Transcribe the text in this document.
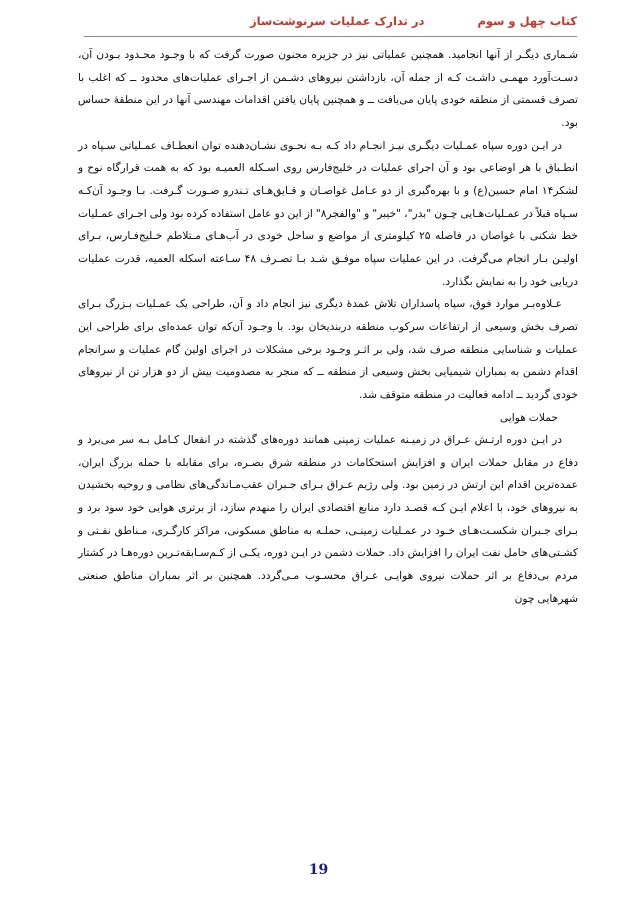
کتاب چهل و سوم
در تدارک عملیات سرنوشت‌ساز

شـماری دیگـر از آنها انجامید. همچنین عملیاتی نیز در جزیره مجنون صورت گرفت که با وجـود محـدود بـودن آن، دسـت‌آورد مهمـی داشـت کـه از جمله آن، بازداشتن نیروهای دشـمن از اجـرای عملیات‌های محدود ــ که اغلب با تصرف قسمتی از منطقه خودی پایان می‌یافت ــ و همچنین پایان یافتن اقدامات مهندسی آنها در این منطقهٔ حساس بود.

در ایـن دوره سپاه عمـلیات دیگـری نیـز انجـام داد کـه بـه نحـوی نشـان‌دهنده توان انعطـاف عمـلیاتی سـپاه در انطـباق با هر اوضاعی بود و آن اجرای عملیات در خلیج‌فارس روی اسـکله العمیـه بود که به همت قرارگاه نوح و لشکر۱۴ امام حسین(ع) و با بهره‌گیری از دو عـامل غواصـان و قـایق‌هـای تـندرو صـورت گـرفت. بـا وجـود آن‌کـه سـپاه قبلاً در عمـلیات‌هـایی چـون "بدر"، "خیبر" و "والفجر۸" از این دو عامل استفاده کرده بود ولی اجـرای عمـلیات خط شکنی با غواصان در فاصله ۲۵ کیلومتری از مواضع و ساحل خودی در آب‌هـای مـتلاطم خـلیج‌فـارس، بـرای اولیـن بـار انجام می‌گرفت. در این عملیات سپاه موفـق شـد بـا تصـرف ۴۸ سـاعته اسکله العمیه، قدرت عملیات دریایی خود را به نمایش بگذارد.

عـلاوه‌بـر موارد فوق، سپاه پاسداران تلاش عمدهٔ دیگری نیز انجام داد و آن، طراحی یک عمـلیات بـزرگ بـرای تصرف بخش وسیعی از ارتفاعات سرکوب منطقه دربندیخان بود. با وجـود آن‌که توان عمده‌ای برای طراحی این عملیات و شناسایی منطقه صرف شد، ولی بر اثـر وجـود برخی مشکلات در اجرای اولین گام عملیات و سرانجام اقدام دشمن به بمباران شیمیایی بخش وسیعی از منطقه ــ که منجر به مصدومیت بیش از دو هزار تن از نیروهای خودی گردید ــ ادامه فعالیت در منطقه متوقف شد.

حملات هوایی

در ایـن دوره ارتـش عـراق در زمیـنه عملیات زمینی همانند دوره‌های گذشته در انفعال کـامل بـه سر می‌برد و دفاع در مقابل حملات ایران و افزایش استحکامات در منطقه شرق بصـره، برای مقابله با حمله بزرگ ایران، عمده‌ترین اقدام این ارتش در زمین بود. ولی رژیم عـراق بـرای جـبران عقب‌مـاندگی‌های نظامی و روحیه بخشیدن به نیروهای خود، با اعلام ایـن کـه قصـد دارد منابع اقتصادی ایران را منهدم سازد، از برتری هوایی خود سود برد و بـرای جـبران شکسـت‌هـای خـود در عمـلیات زمینـی، حملـه به مناطق مسکونی، مراکز کارگـری، مـناطق نفـتی و کشـتی‌های حامل نفت ایران را افزایش داد. حملات دشمن در ایـن دوره، یکـی از کـم‌سـابقه‌تـرین دوره‌هـا در کشتار مردم بی‌دفاع بر اثر حملات نیروی هوایـی عـراق محسـوب مـی‌گردد. همچنین بر اثر بمباران مناطق صنعتی شهرهایی چون

19
